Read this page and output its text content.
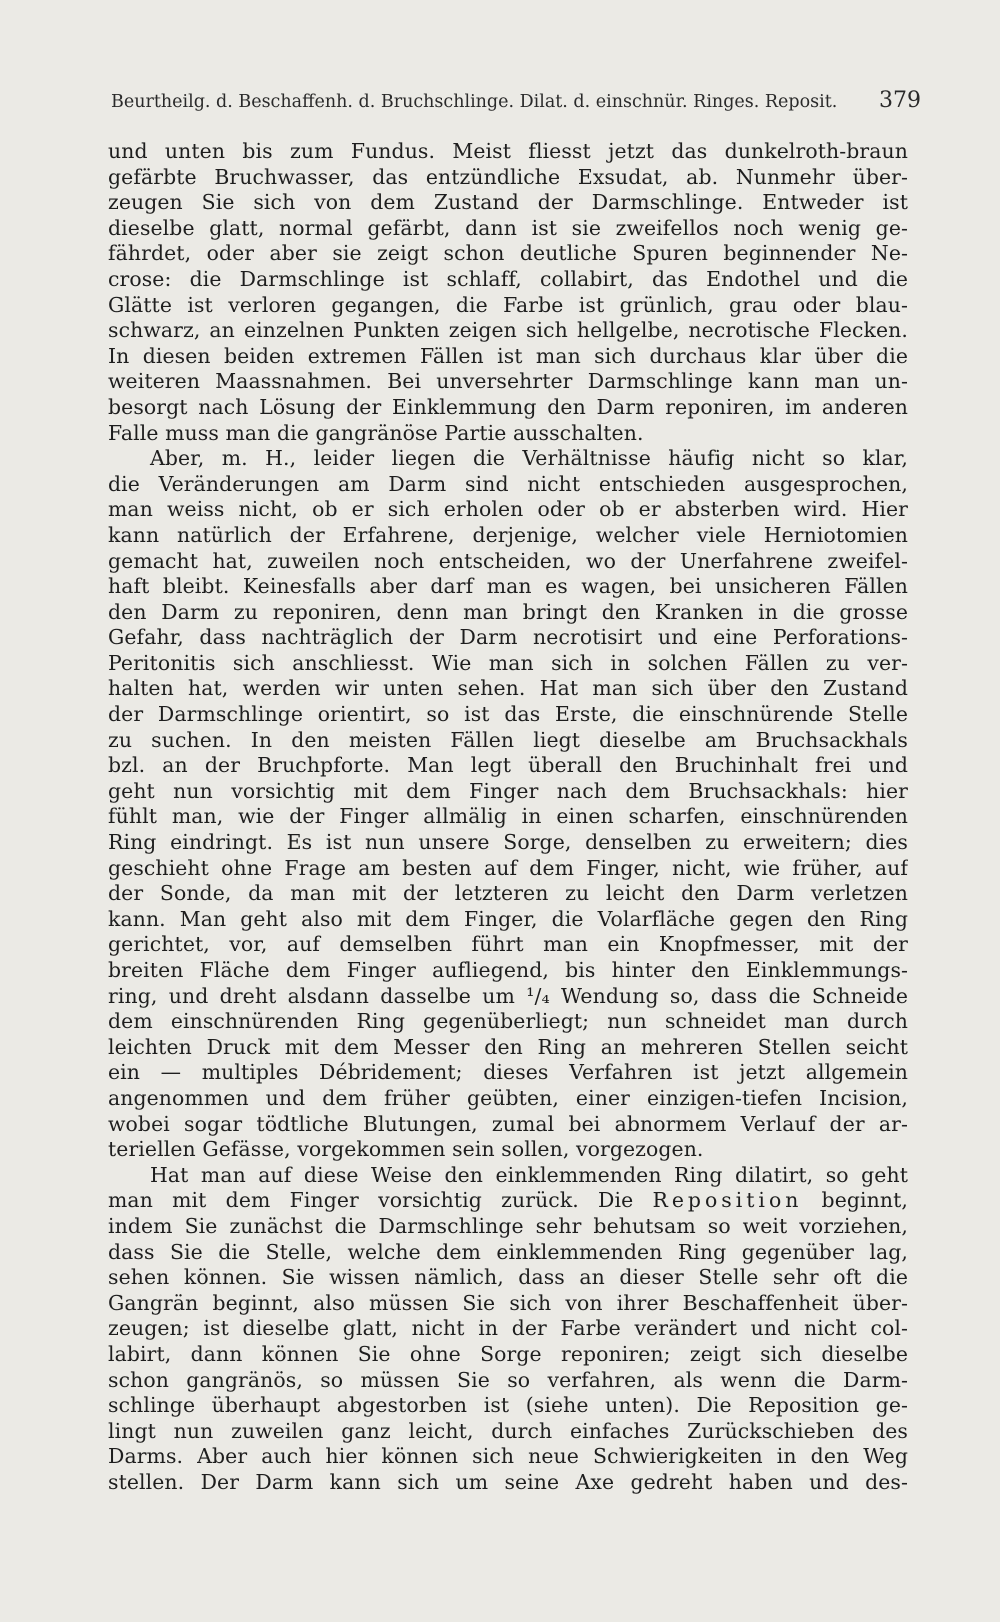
Beurtheilg. d. Beschaffenh. d. Bruchschlinge. Dilat. d. einschnür. Ringes. Reposit. 379
und unten bis zum Fundus. Meist fliesst jetzt das dunkelroth-braun
gefärbte Bruchwasser, das entzündliche Exsudat, ab. Nunmehr über-
zeugen Sie sich von dem Zustand der Darmschlinge. Entweder ist
dieselbe glatt, normal gefärbt, dann ist sie zweifellos noch wenig ge-
fährdet, oder aber sie zeigt schon deutliche Spuren beginnender Ne-
crose: die Darmschlinge ist schlaff, collabirt, das Endothel und die
Glätte ist verloren gegangen, die Farbe ist grünlich, grau oder blau-
schwarz, an einzelnen Punkten zeigen sich hellgelbe, necrotische Flecken.
In diesen beiden extremen Fällen ist man sich durchaus klar über die
weiteren Maassnahmen. Bei unversehrter Darmschlinge kann man un-
besorgt nach Lösung der Einklemmung den Darm reponiren, im anderen
Falle muss man die gangränöse Partie ausschalten.
Aber, m. H., leider liegen die Verhältnisse häufig nicht so klar,
die Veränderungen am Darm sind nicht entschieden ausgesprochen,
man weiss nicht, ob er sich erholen oder ob er absterben wird. Hier
kann natürlich der Erfahrene, derjenige, welcher viele Herniotomien
gemacht hat, zuweilen noch entscheiden, wo der Unerfahrene zweifel-
haft bleibt. Keinesfalls aber darf man es wagen, bei unsicheren Fällen
den Darm zu reponiren, denn man bringt den Kranken in die grosse
Gefahr, dass nachträglich der Darm necrotisirt und eine Perforations-
Peritonitis sich anschliesst. Wie man sich in solchen Fällen zu ver-
halten hat, werden wir unten sehen. Hat man sich über den Zustand
der Darmschlinge orientirt, so ist das Erste, die einschnürende Stelle
zu suchen. In den meisten Fällen liegt dieselbe am Bruchsackhals
bzl. an der Bruchpforte. Man legt überall den Bruchinhalt frei und
geht nun vorsichtig mit dem Finger nach dem Bruchsackhals: hier
fühlt man, wie der Finger allmälig in einen scharfen, einschnürenden
Ring eindringt. Es ist nun unsere Sorge, denselben zu erweitern; dies
geschieht ohne Frage am besten auf dem Finger, nicht, wie früher, auf
der Sonde, da man mit der letzteren zu leicht den Darm verletzen
kann. Man geht also mit dem Finger, die Volarfläche gegen den Ring
gerichtet, vor, auf demselben führt man ein Knopfmesser, mit der
breiten Fläche dem Finger aufliegend, bis hinter den Einklemmungs-
ring, und dreht alsdann dasselbe um ¹/₄ Wendung so, dass die Schneide
dem einschnürenden Ring gegenüberliegt; nun schneidet man durch
leichten Druck mit dem Messer den Ring an mehreren Stellen seicht
ein — multiples Débridement; dieses Verfahren ist jetzt allgemein
angenommen und dem früher geübten, einer einzigen-tiefen Incision,
wobei sogar tödtliche Blutungen, zumal bei abnormem Verlauf der ar-
teriellen Gefässe, vorgekommen sein sollen, vorgezogen.
Hat man auf diese Weise den einklemmenden Ring dilatirt, so geht
man mit dem Finger vorsichtig zurück. Die Reposition beginnt,
indem Sie zunächst die Darmschlinge sehr behutsam so weit vorziehen,
dass Sie die Stelle, welche dem einklemmenden Ring gegenüber lag,
sehen können. Sie wissen nämlich, dass an dieser Stelle sehr oft die
Gangrän beginnt, also müssen Sie sich von ihrer Beschaffenheit über-
zeugen; ist dieselbe glatt, nicht in der Farbe verändert und nicht col-
labirt, dann können Sie ohne Sorge reponiren; zeigt sich dieselbe
schon gangränös, so müssen Sie so verfahren, als wenn die Darm-
schlinge überhaupt abgestorben ist (siehe unten). Die Reposition ge-
lingt nun zuweilen ganz leicht, durch einfaches Zurückschieben des
Darms. Aber auch hier können sich neue Schwierigkeiten in den Weg
stellen. Der Darm kann sich um seine Axe gedreht haben und des-
